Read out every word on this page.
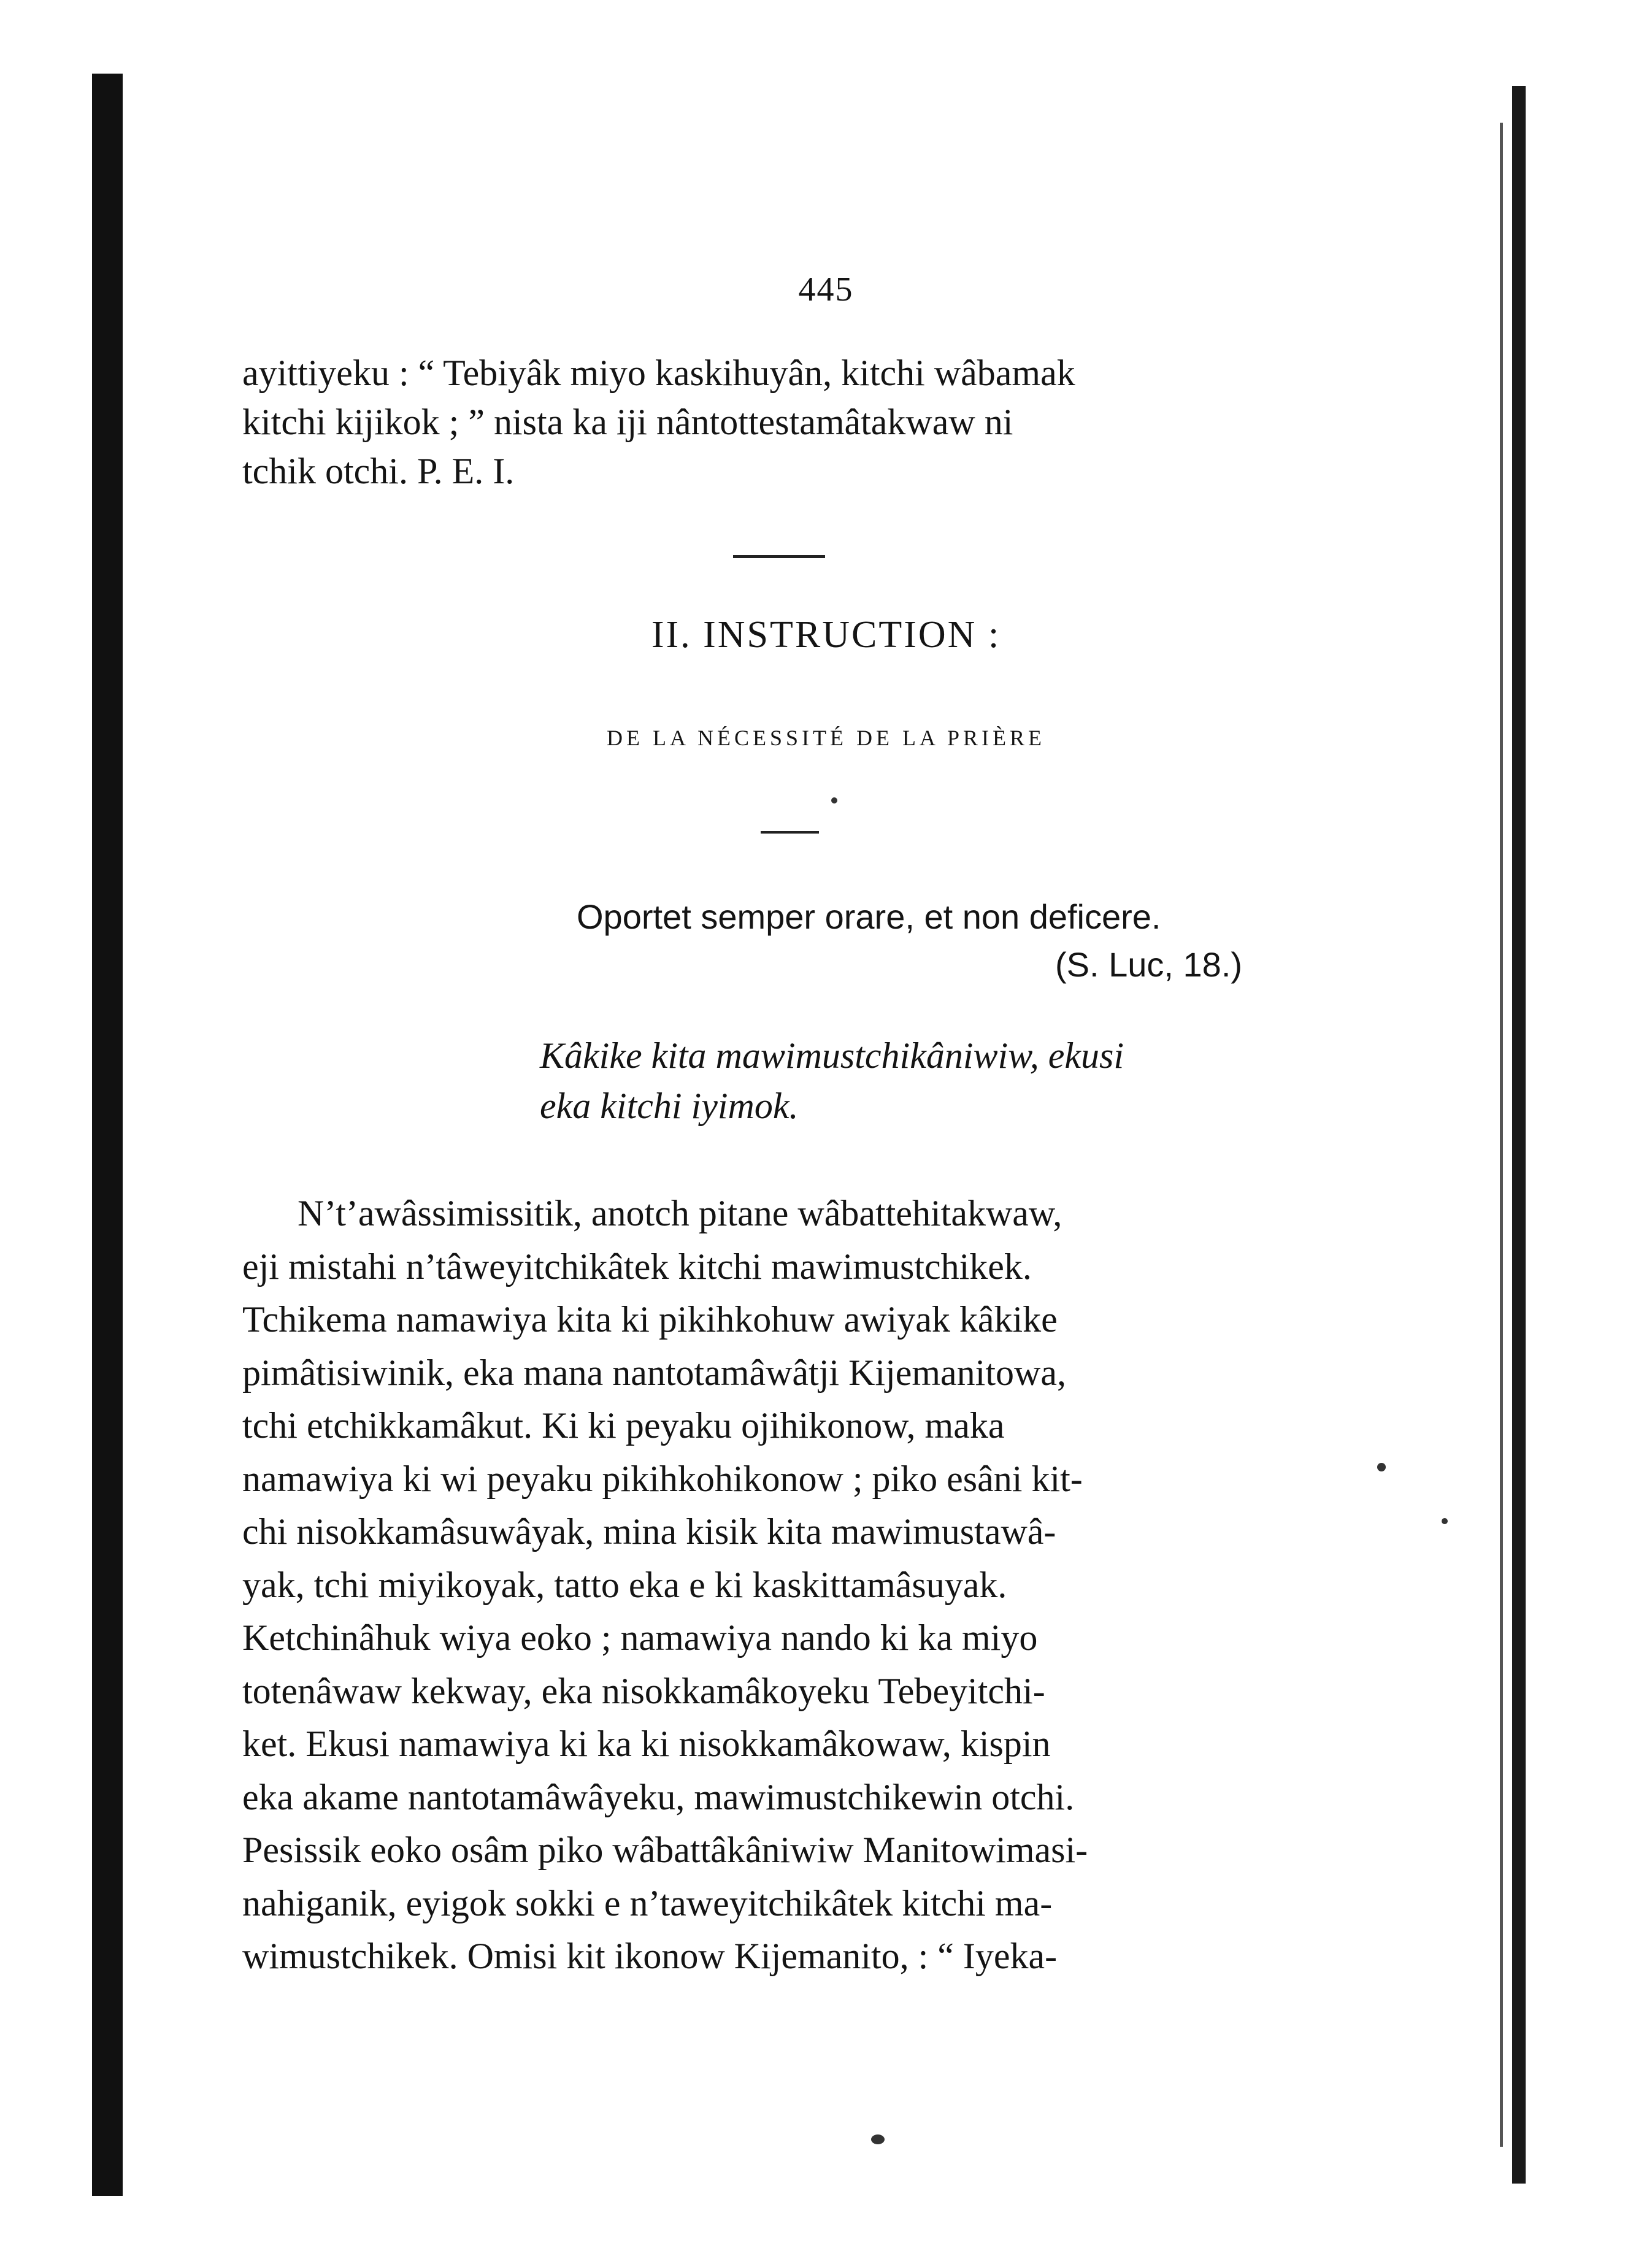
445
ayittiyeku : “ Tebiyâk miyo kaskihuyân, kitchi wâbamak
kitchi kijikok ; ” nista ka iji nântottestamâtakwaw ni
tchik otchi. P. E. I.
II. INSTRUCTION :
DE LA NÉCESSITÉ DE LA PRIÈRE
Oportet semper orare, et non deficere.
(S. Luc, 18.)
Kâkike kita mawimustchikâniwiw, ekusi
eka kitchi iyimok.
N’t’awâssimissitik, anotch pitane wâbattehitakwaw,
eji mistahi n’tâweyitchikâtek kitchi mawimustchikek.
Tchikema namawiya kita ki pikihkohuw awiyak kâkike
pimâtisiwinik, eka mana nantotamâwâtji Kijemanitowa,
tchi etchikkamâkut. Ki ki peyaku ojihikonow, maka
namawiya ki wi peyaku pikihkohikonow ; piko esâni kit-
chi nisokkamâsuwâyak, mina kisik kita mawimustawâ-
yak, tchi miyikoyak, tatto eka e ki kaskittamâsuyak.
Ketchinâhuk wiya eoko ; namawiya nando ki ka miyo
totenâwaw kekway, eka nisokkamâkoyeku Tebeyitchi-
ket. Ekusi namawiya ki ka ki nisokkamâkowaw, kispin
eka akame nantotamâwâyeku, mawimustchikewin otchi.
Pesissik eoko osâm piko wâbattâkâniwiw Manitowimasi-
nahiganik, eyigok sokki e n’taweyitchikâtek kitchi ma-
wimustchikek. Omisi kit ikonow Kijemanito, : “ Iyeka-
